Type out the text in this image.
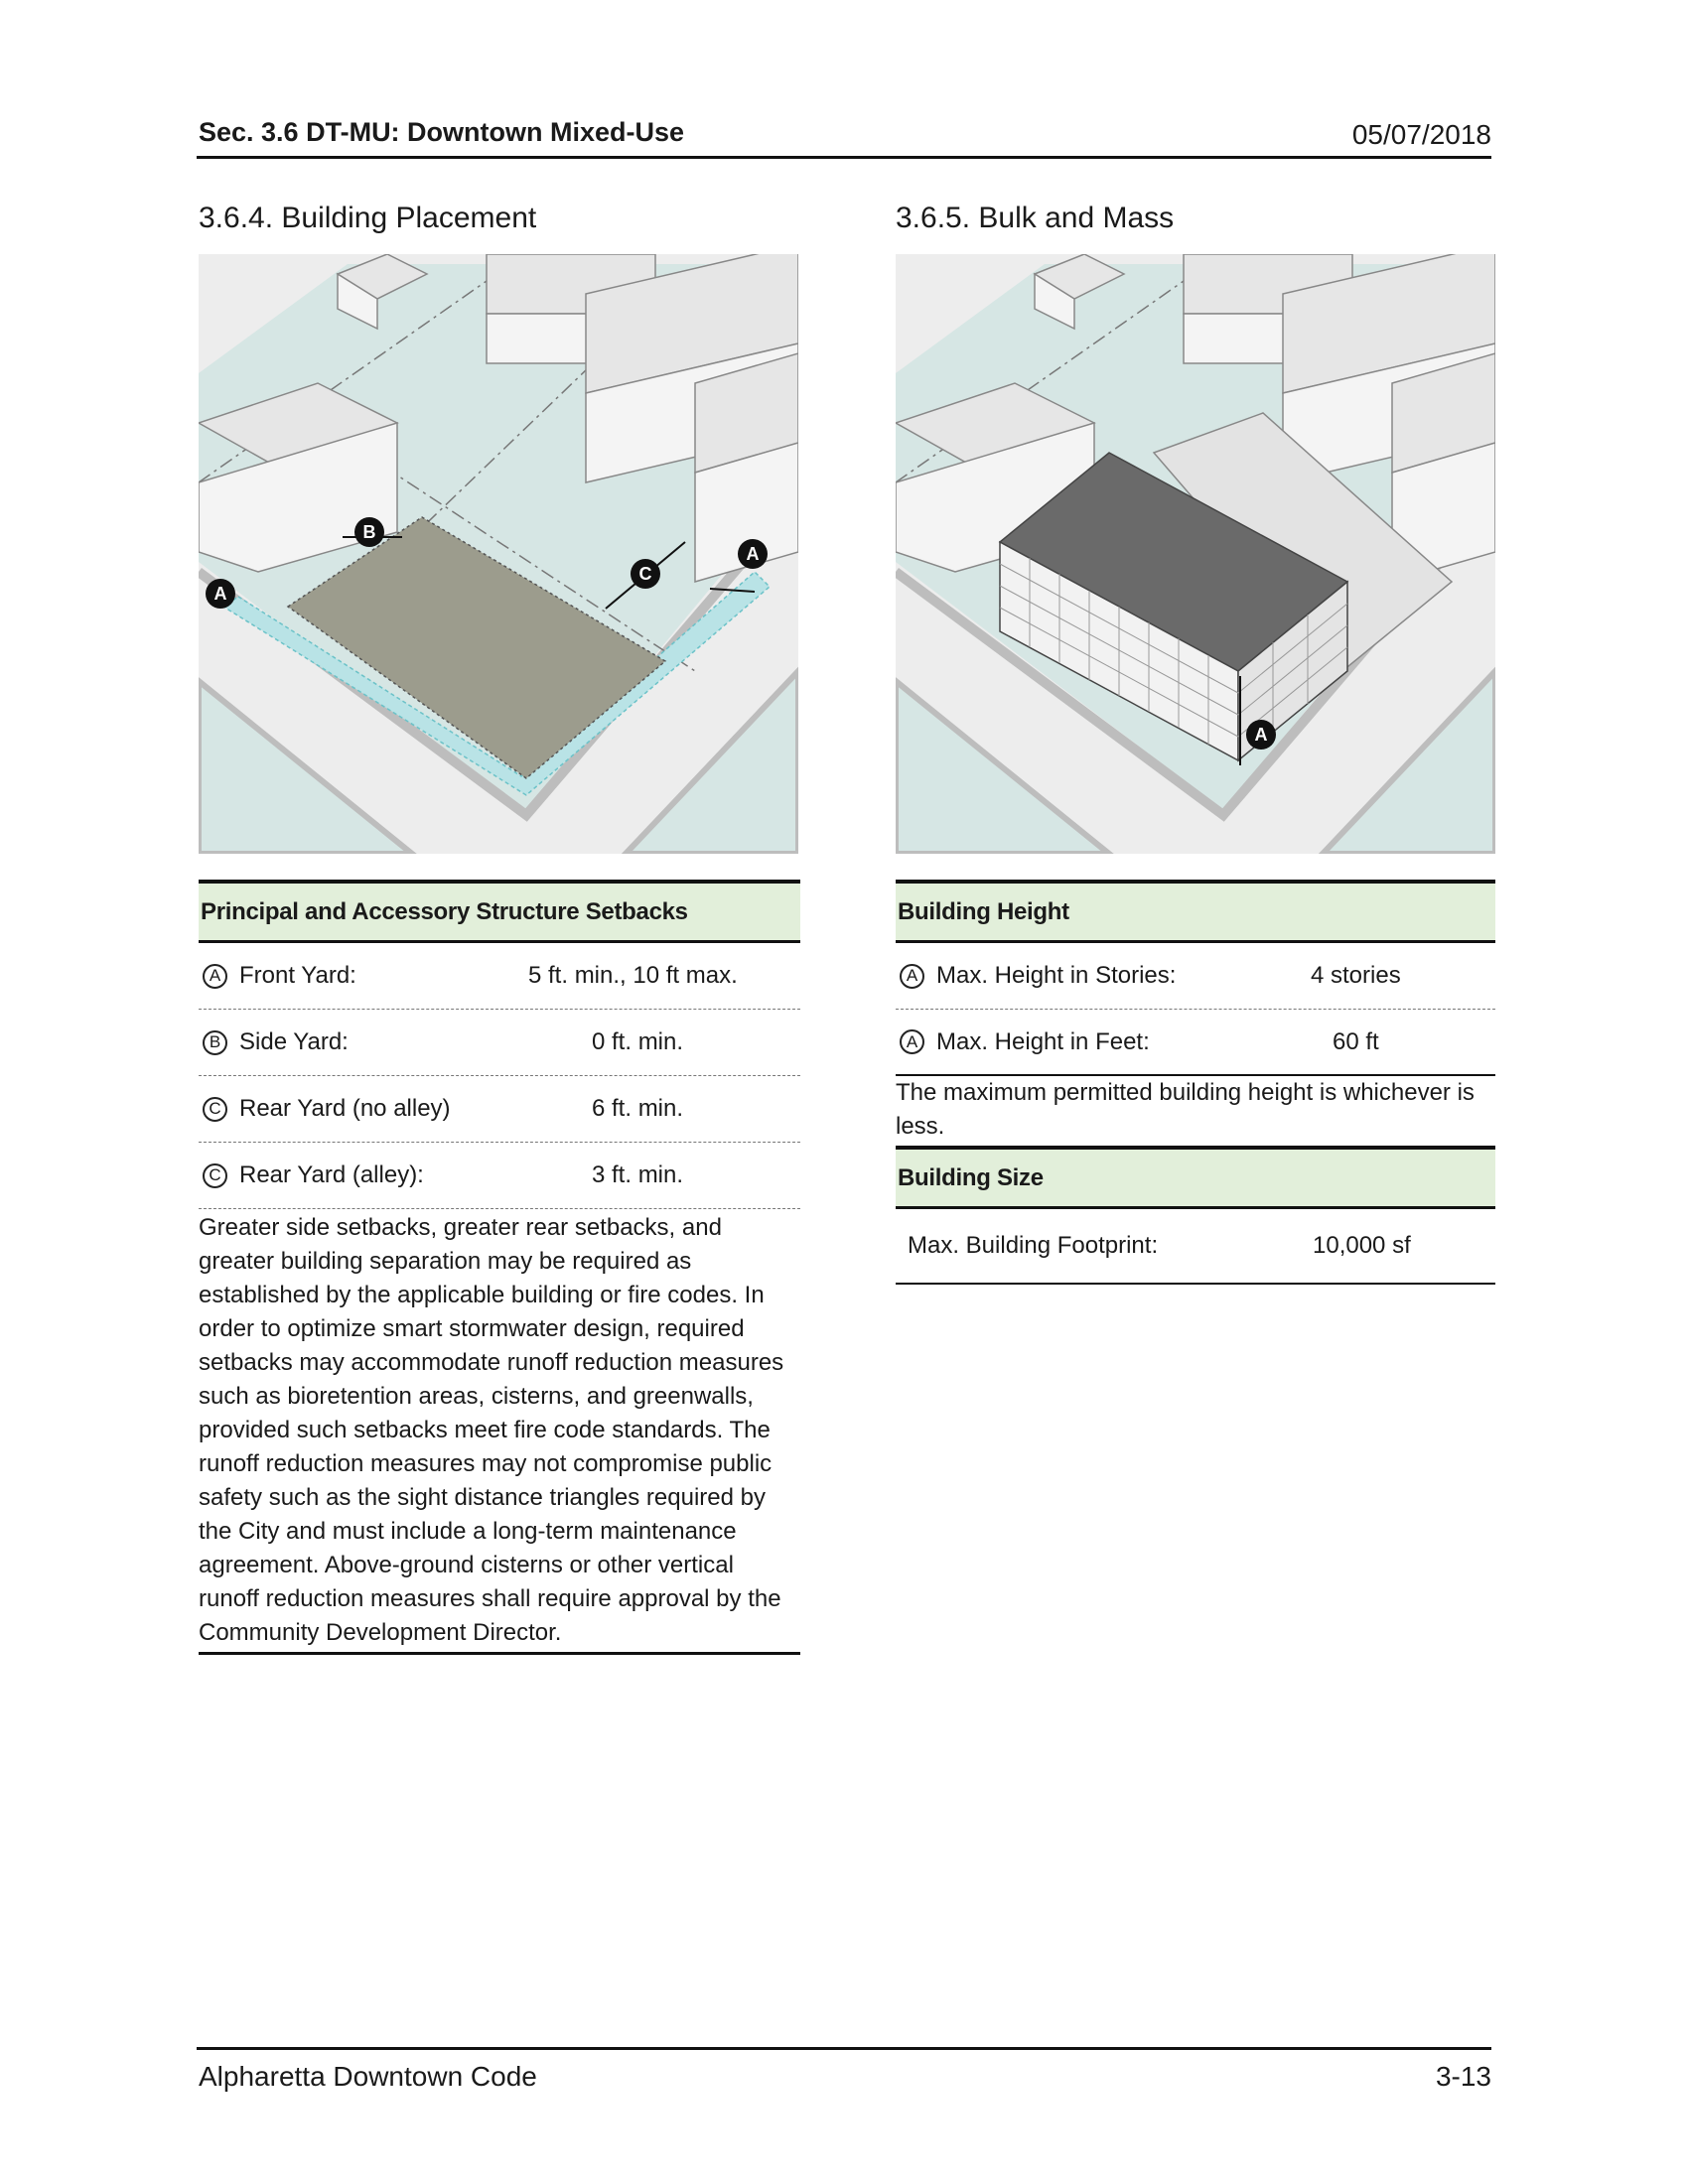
Sec. 3.6 DT-MU: Downtown Mixed-Use	05/07/2018
3.6.4. Building Placement	3.6.5. Bulk and Mass
A
B
C
A
A
Principal and Accessory Structure Setbacks
A Front Yard:	5 ft. min., 10 ft max.
B Side Yard:	0 ft. min.
C Rear Yard (no alley)	6 ft. min.
C Rear Yard (alley):	3 ft. min.
Greater side setbacks, greater rear setbacks, and greater building separation may be required as established by the applicable building or fire codes. In order to optimize smart stormwater design, required setbacks may accommodate runoff reduction measures such as bioretention areas, cisterns, and greenwalls, provided such setbacks meet fire code standards. The runoff reduction measures may not compromise public safety such as the sight distance triangles required by the City and must include a long-term maintenance agreement. Above-ground cisterns or other vertical runoff reduction measures shall require approval by the Community Development Director.
Building Height
A Max. Height in Stories:	4 stories
A Max. Height in Feet:	60 ft
The maximum permitted building height is whichever is less.
Building Size
Max. Building Footprint:	10,000 sf
Alpharetta Downtown Code	3-13
